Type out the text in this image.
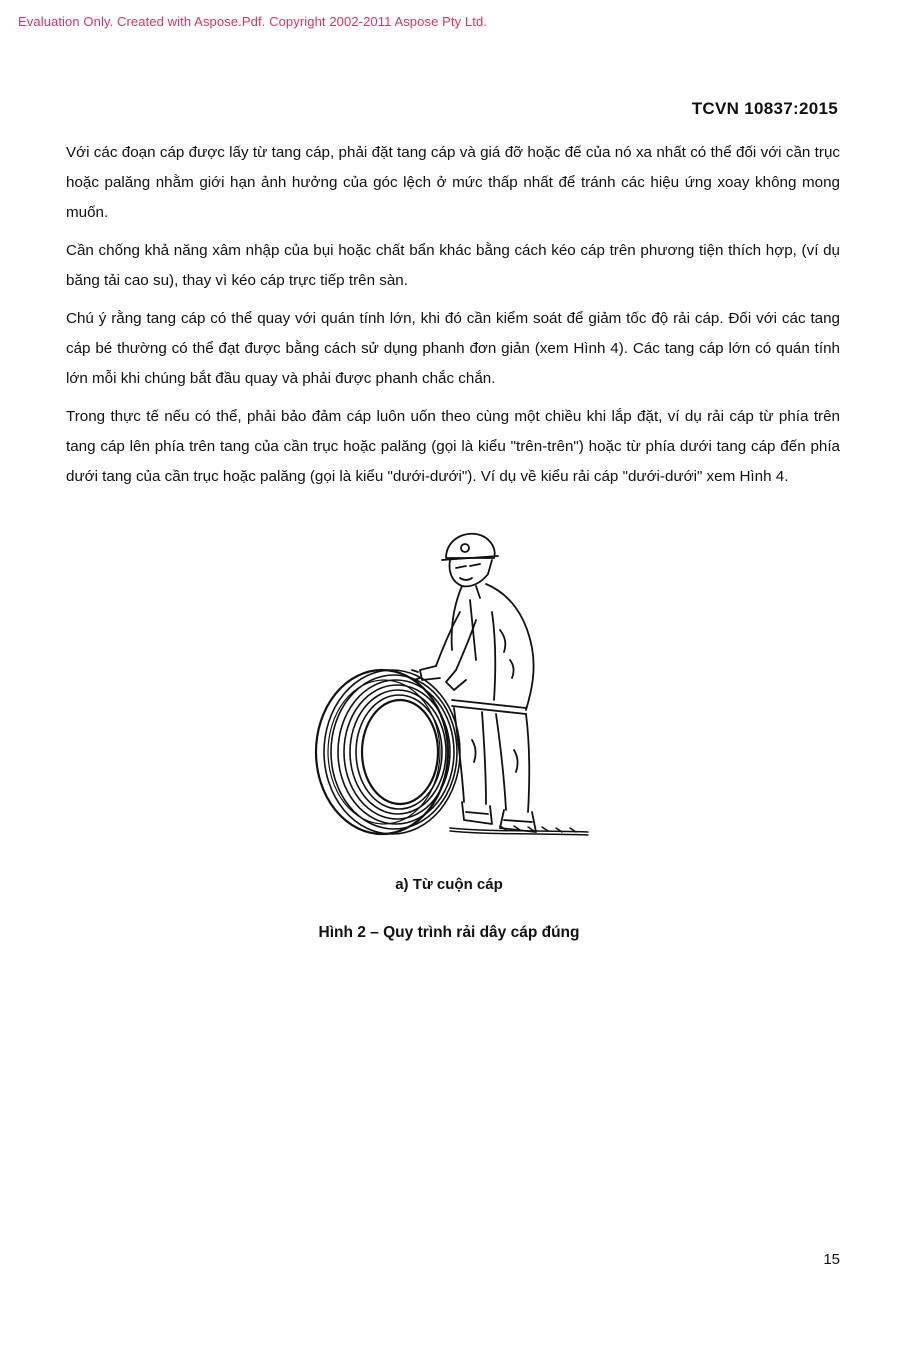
Evaluation Only. Created with Aspose.Pdf. Copyright 2002-2011 Aspose Pty Ltd.
TCVN 10837:2015

Với các đoạn cáp được lấy từ tang cáp, phải đặt tang cáp và giá đỡ hoặc đế của nó xa nhất có thể đối với cần trục hoặc palăng nhằm giới hạn ảnh hưởng của góc lệch ở mức thấp nhất để tránh các hiệu ứng xoay không mong muốn.

Cần chống khả năng xâm nhập của bụi hoặc chất bẩn khác bằng cách kéo cáp trên phương tiện thích hợp, (ví dụ băng tải cao su), thay vì kéo cáp trực tiếp trên sàn.

Chú ý rằng tang cáp có thể quay với quán tính lớn, khi đó cần kiểm soát để giảm tốc độ rải cáp. Đối với các tang cáp bé thường có thể đạt được bằng cách sử dụng phanh đơn giản (xem Hình 4). Các tang cáp lớn có quán tính lớn mỗi khi chúng bắt đầu quay và phải được phanh chắc chắn.

Trong thực tế nếu có thể, phải bảo đảm cáp luôn uốn theo cùng một chiều khi lắp đặt, ví dụ rải cáp từ phía trên tang cáp lên phía trên tang của cần trục hoặc palăng (gọi là kiểu "trên-trên") hoặc từ phía dưới tang cáp đến phía dưới tang của cần trục hoặc palăng (gọi là kiểu "dưới-dưới"). Ví dụ về kiểu rải cáp "dưới-dưới" xem Hình 4.

a) Từ cuộn cáp
Hình 2 – Quy trình rải dây cáp đúng
15
